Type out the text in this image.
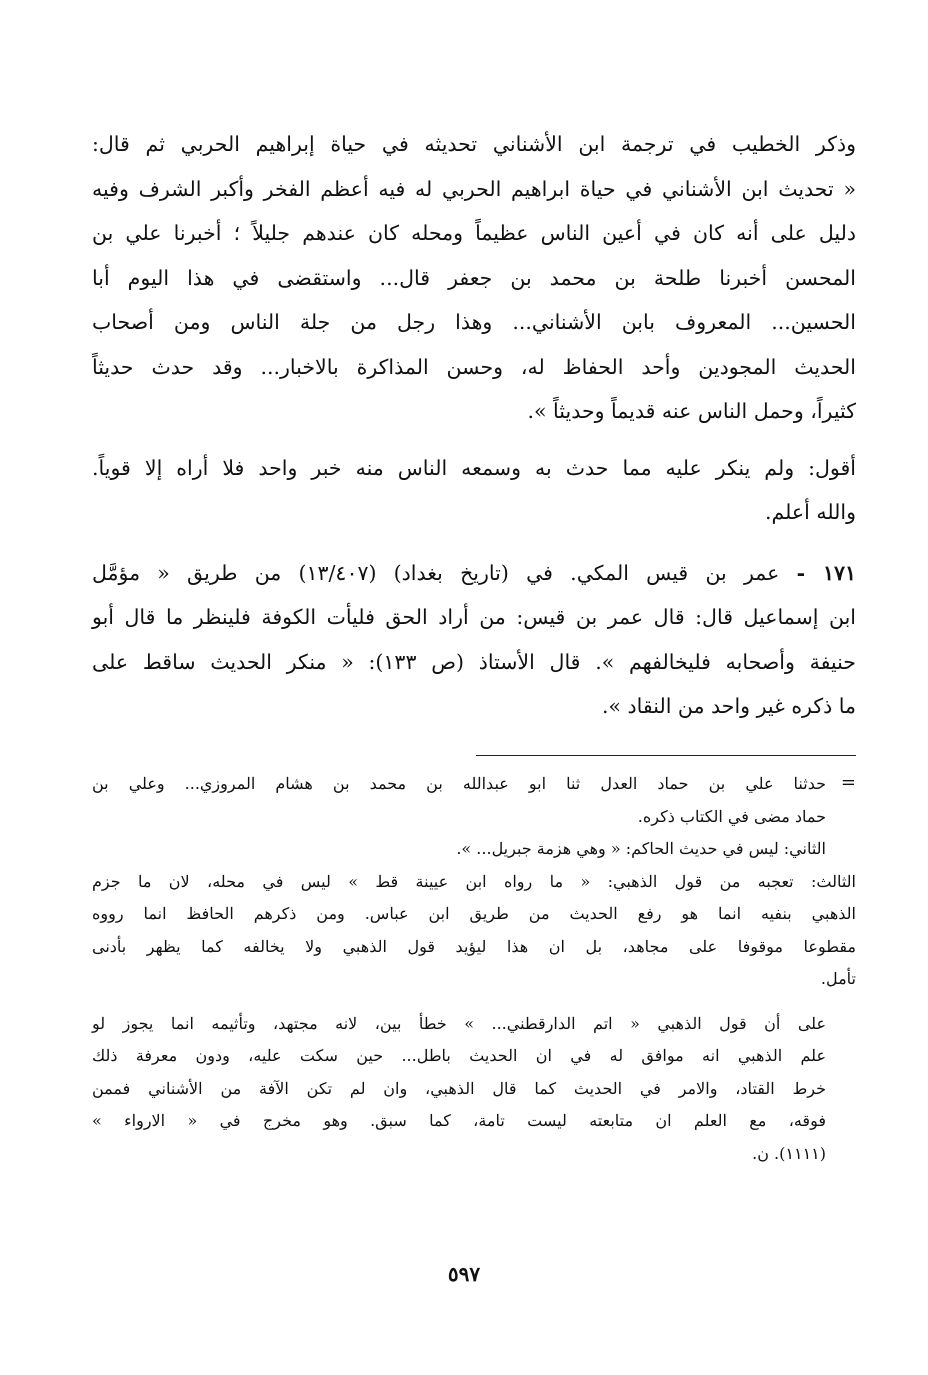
وذكر الخطيب في ترجمة ابن الأشناني تحديثه في حياة إبراهيم الحربي ثم قال:
« تحديث ابن الأشناني في حياة ابراهيم الحربي له فيه أعظم الفخر وأكبر الشرف وفيه
دليل على أنه كان في أعين الناس عظيماً ومحله كان عندهم جليلاً ؛ أخبرنا علي بن
المحسن أخبرنا طلحة بن محمد بن جعفر قال... واستقضى في هذا اليوم أبا
الحسين... المعروف بابن الأشناني... وهذا رجل من جلة الناس ومن أصحاب
الحديث المجودين وأحد الحفاظ له، وحسن المذاكرة بالاخبار... وقد حدث حديثاً
كثيراً، وحمل الناس عنه قديماً وحديثاً ».

أقول: ولم ينكر عليه مما حدث به وسمعه الناس منه خبر واحد فلا أراه إلا قوياً.
والله أعلم.

١٧١ - عمر بن قيس المكي. في (تاريخ بغداد) (١٣/٤٠٧) من طريق « مؤمَّل
ابن إسماعيل قال: قال عمر بن قيس: من أراد الحق فليأت الكوفة فلينظر ما قال أبو
حنيفة وأصحابه فليخالفهم ». قال الأستاذ (ص ١٣٣): « منكر الحديث ساقط على
ما ذكره غير واحد من النقاد ».

=
حدثنا علي بن حماد العدل ثنا ابو عبدالله بن محمد بن هشام المروزي... وعلي بن
حماد مضى في الكتاب ذكره.
الثاني: ليس في حديث الحاكم: « وهي هزمة جبريل... ».
الثالث: تعجبه من قول الذهبي: « ما رواه ابن عيينة قط » ليس في محله، لان ما جزم
الذهبي بنفيه انما هو رفع الحديث من طريق ابن عباس. ومن ذكرهم الحافظ انما رووه
مقطوعا موقوفا على مجاهد، بل ان هذا ليؤيد قول الذهبي ولا يخالفه كما يظهر بأدنى
تأمل.
على أن قول الذهبي « اتم الدارقطني... » خطأ بين، لانه مجتهد، وتأثيمه انما يجوز لو
علم الذهبي انه موافق له في ان الحديث باطل... حين سكت عليه، ودون معرفة ذلك
خرط القتاد، والامر في الحديث كما قال الذهبي، وان لم تكن الآفة من الأشناني فممن
فوقه، مع العلم ان متابعته ليست تامة، كما سبق. وهو مخرج في « الارواء »
(١١١١). ن.
٥٩٧
